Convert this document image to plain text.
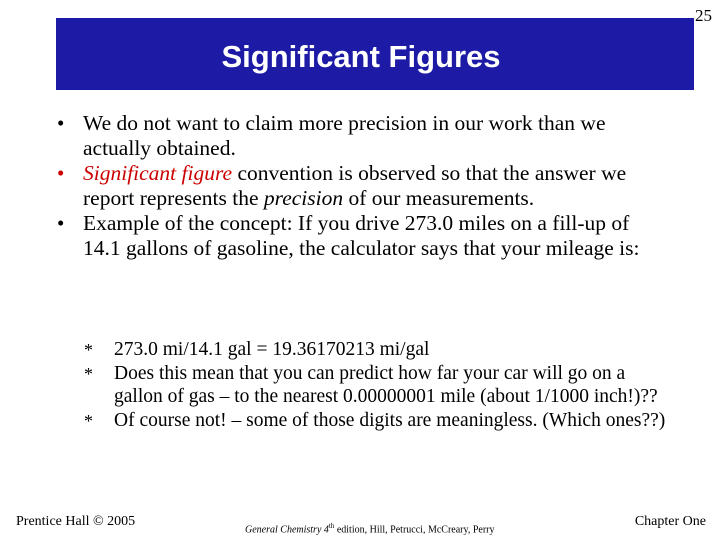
25
Significant Figures
• We do not want to claim more precision in our work than we actually obtained.
• Significant figure convention is observed so that the answer we report represents the precision of our measurements.
• Example of the concept: If you drive 273.0 miles on a fill-up of 14.1 gallons of gasoline, the calculator says that your mileage is:
* 273.0 mi/14.1 gal = 19.36170213 mi/gal
* Does this mean that you can predict how far your car will go on a gallon of gas – to the nearest 0.00000001 mile (about 1/1000 inch!)??
* Of course not! – some of those digits are meaningless. (Which ones??)
Prentice Hall © 2005
General Chemistry 4th edition, Hill, Petrucci, McCreary, Perry
Chapter One
